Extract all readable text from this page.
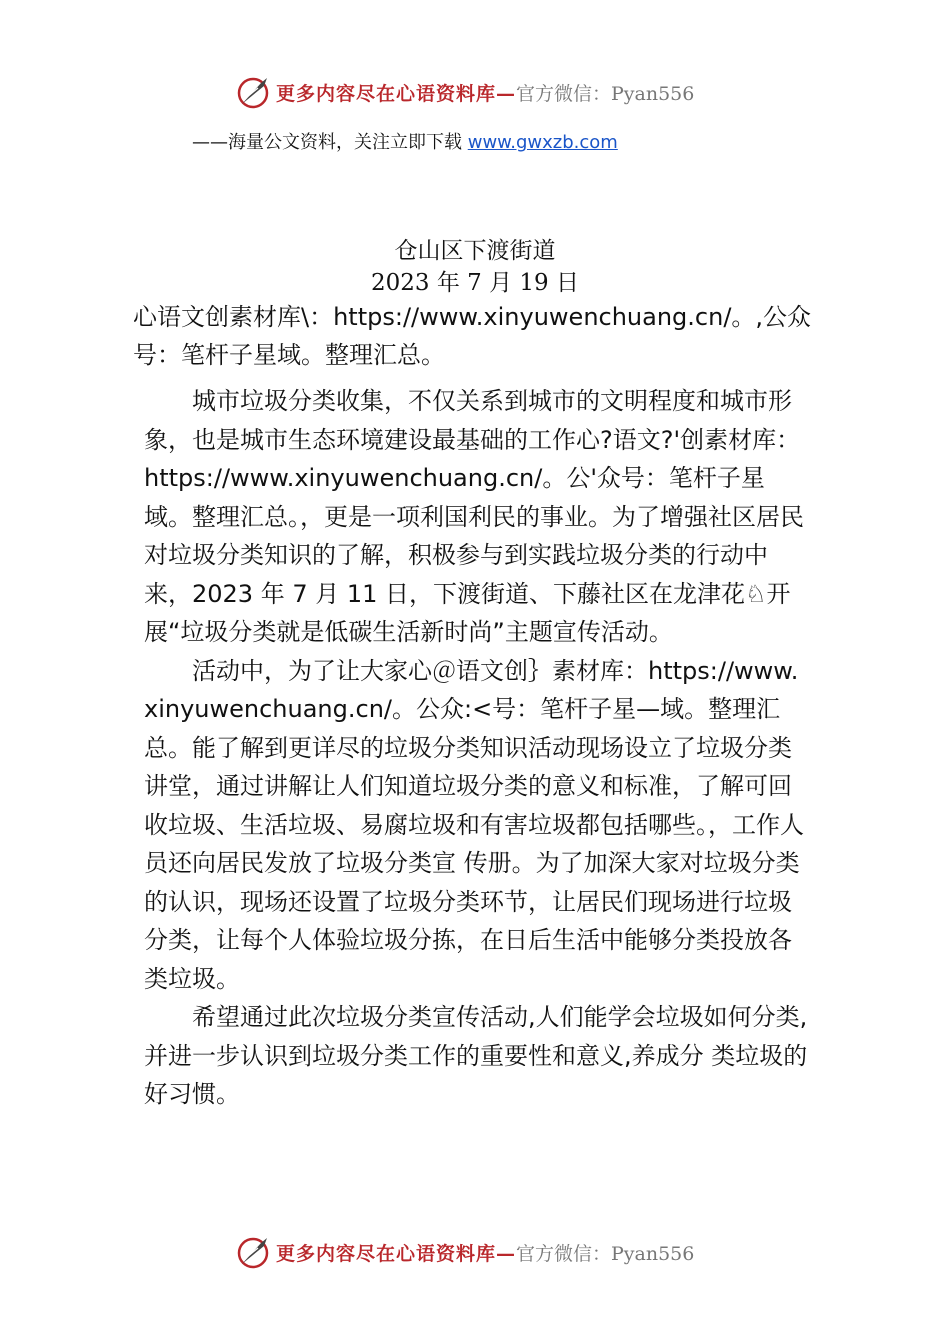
更多内容尽在心语资料库—官方微信：Pyan556
——海量公文资料，关注立即下载 www.gwxzb.com
仓山区下渡街道
2023 年 7 月 19 日

心语文创素材库\：https://www.xinyuwenchuang.cn/。,公众号：笔杆子星域。整理汇总。

城市垃圾分类收集，不仅关系到城市的文明程度和城市形象，也是城市生态环境建设最基础的工作心?语文?'创素材库：https://www.xinyuwenchuang.cn/。公'众号：笔杆子星域。整理汇总。，更是一项利国利民的事业。为了增强社区居民对垃圾分类知识的了解，积极参与到实践垃圾分类的行动中来，2023 年 7 月 11 日，下渡街道、下藤社区在龙津花♘开展“垃圾分类就是低碳生活新时尚”主题宣传活动。

活动中，为了让大家心＠语文创｝素材库：https://www.xinyuwenchuang.cn/。公众:<号：笔杆子星—域。整理汇总。能了解到更详尽的垃圾分类知识活动现场设立了垃圾分类讲堂，通过讲解让人们知道垃圾分类的意义和标准，了解可回收垃圾、生活垃圾、易腐垃圾和有害垃圾都包括哪些。，工作人员还向居民发放了垃圾分类宣 传册。为了加深大家对垃圾分类的认识，现场还设置了垃圾分类环节，让居民们现场进行垃圾分类，让每个人体验垃圾分拣，在日后生活中能够分类投放各类垃圾。

希望通过此次垃圾分类宣传活动,人们能学会垃圾如何分类,并进一步认识到垃圾分类工作的重要性和意义,养成分 类垃圾的好习惯。

更多内容尽在心语资料库—官方微信：Pyan556
